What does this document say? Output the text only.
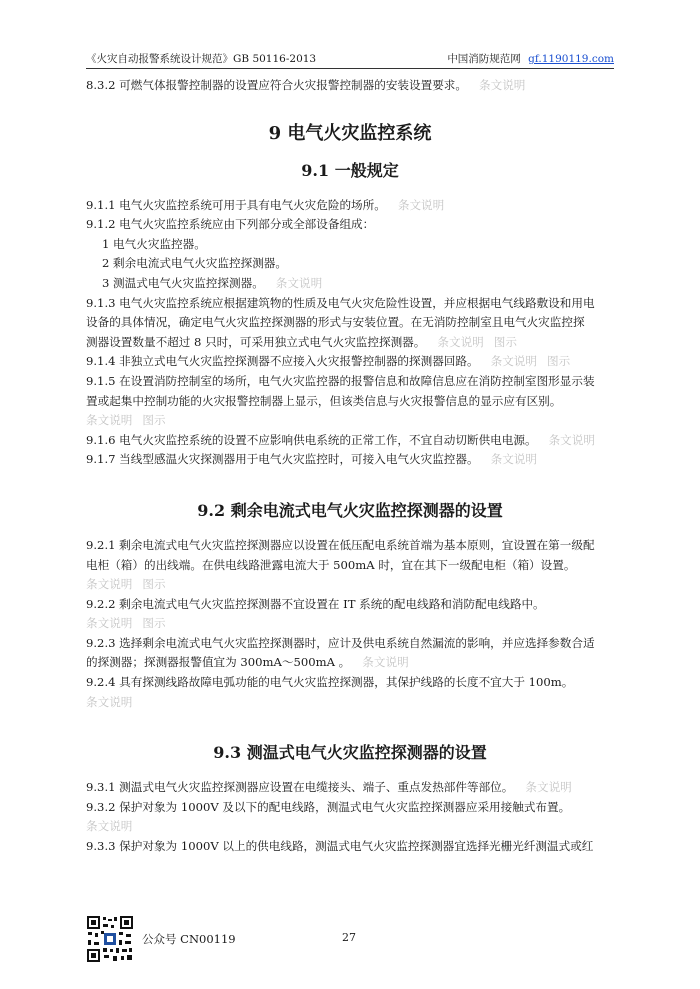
《火灾自动报警系统设计规范》GB 50116-2013	中国消防规范网 gf.1190119.com

8.3.2 可燃气体报警控制器的设置应符合火灾报警控制器的安装设置要求。 条文说明

9 电气火灾监控系统
9.1 一般规定

9.1.1 电气火灾监控系统可用于具有电气火灾危险的场所。 条文说明

9.1.2 电气火灾监控系统应由下列部分或全部设备组成：

1 电气火灾监控器。

2 剩余电流式电气火灾监控探测器。

3 测温式电气火灾监控探测器。 条文说明

9.1.3 电气火灾监控系统应根据建筑物的性质及电气火灾危险性设置，并应根据电气线路敷设和用电
设备的具体情况，确定电气火灾监控探测器的形式与安装位置。在无消防控制室且电气火灾监控探
测器设置数量不超过 8 只时，可采用独立式电气火灾监控探测器。 条文说明 图示

9.1.4 非独立式电气火灾监控探测器不应接入火灾报警控制器的探测器回路。 条文说明 图示

9.1.5 在设置消防控制室的场所，电气火灾监控器的报警信息和故障信息应在消防控制室图形显示装
置或起集中控制功能的火灾报警控制器上显示，但该类信息与火灾报警信息的显示应有区别。
条文说明 图示

9.1.6 电气火灾监控系统的设置不应影响供电系统的正常工作，不宜自动切断供电电源。 条文说明

9.1.7 当线型感温火灾探测器用于电气火灾监控时，可接入电气火灾监控器。 条文说明

9.2 剩余电流式电气火灾监控探测器的设置

9.2.1 剩余电流式电气火灾监控探测器应以设置在低压配电系统首端为基本原则，宜设置在第一级配
电柜（箱）的出线端。在供电线路泄露电流大于 500mA 时，宜在其下一级配电柜（箱）设置。
条文说明 图示

9.2.2 剩余电流式电气火灾监控探测器不宜设置在 IT 系统的配电线路和消防配电线路中。
条文说明 图示

9.2.3 选择剩余电流式电气火灾监控探测器时，应计及供电系统自然漏流的影响，并应选择参数合适
的探测器；探测器报警值宜为 300mA～500mA 。 条文说明

9.2.4 具有探测线路故障电弧功能的电气火灾监控探测器，其保护线路的长度不宜大于 100m。
条文说明

9.3 测温式电气火灾监控探测器的设置

9.3.1 测温式电气火灾监控探测器应设置在电缆接头、端子、重点发热部件等部位。 条文说明

9.3.2 保护对象为 1000V 及以下的配电线路，测温式电气火灾监控探测器应采用接触式布置。
条文说明

9.3.3 保护对象为 1000V 以上的供电线路，测温式电气火灾监控探测器宜选择光栅光纤测温式或红

公众号 CN00119	27
